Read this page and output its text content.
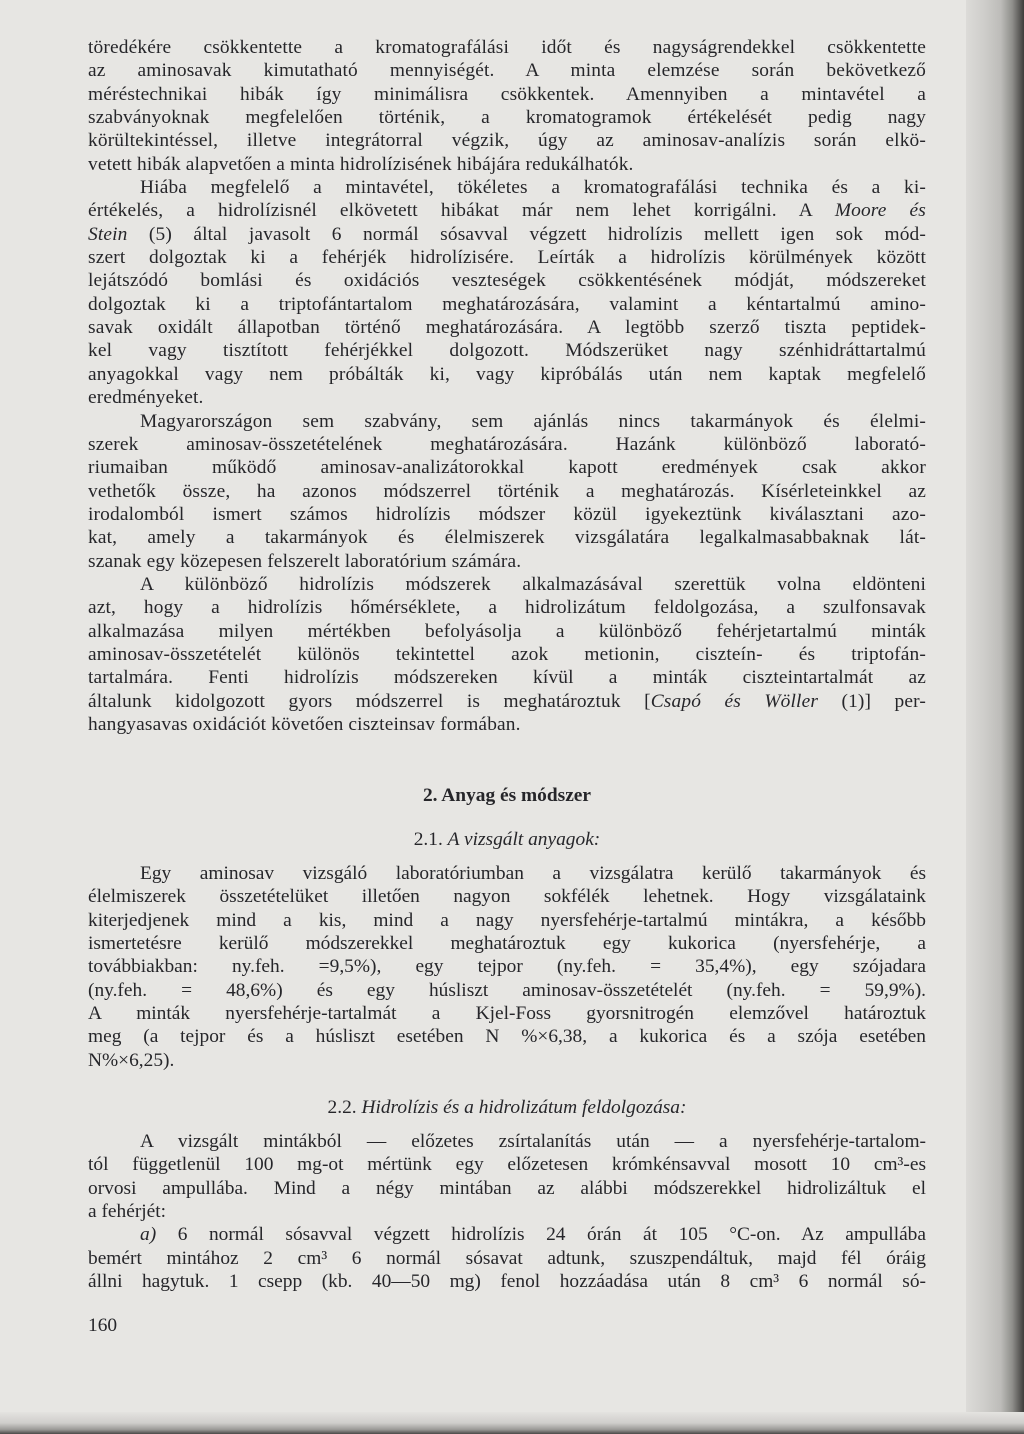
töredékére csökkentette a kromatografálási időt és nagyságrendekkel csökkentette

az aminosavak kimutatható mennyiségét. A minta elemzése során bekövetkező

méréstechnikai hibák így minimálisra csökkentek. Amennyiben a mintavétel a

szabványoknak megfelelően történik, a kromatogramok értékelését pedig nagy

körültekintéssel, illetve integrátorral végzik, úgy az aminosav-analízis során elkö-

vetett hibák alapvetően a minta hidrolízisének hibájára redukálhatók.

Hiába megfelelő a mintavétel, tökéletes a kromatografálási technika és a ki-

értékelés, a hidrolízisnél elkövetett hibákat már nem lehet korrigálni. A Moore és

Stein (5) által javasolt 6 normál sósavval végzett hidrolízis mellett igen sok mód-

szert dolgoztak ki a fehérjék hidrolízisére. Leírták a hidrolízis körülmények között

lejátszódó bomlási és oxidációs veszteségek csökkentésének módját, módszereket

dolgoztak ki a triptofántartalom meghatározására, valamint a kéntartalmú amino-

savak oxidált állapotban történő meghatározására. A legtöbb szerző tiszta peptidek-

kel vagy tisztított fehérjékkel dolgozott. Módszerüket nagy szénhidráttartalmú

anyagokkal vagy nem próbálták ki, vagy kipróbálás után nem kaptak megfelelő

eredményeket.

Magyarországon sem szabvány, sem ajánlás nincs takarmányok és élelmi-

szerek aminosav-összetételének meghatározására. Hazánk különböző laborató-

riumaiban működő aminosav-analizátorokkal kapott eredmények csak akkor

vethetők össze, ha azonos módszerrel történik a meghatározás. Kísérleteinkkel az

irodalomból ismert számos hidrolízis módszer közül igyekeztünk kiválasztani azo-

kat, amely a takarmányok és élelmiszerek vizsgálatára legalkalmasabbaknak lát-

szanak egy közepesen felszerelt laboratórium számára.

A különböző hidrolízis módszerek alkalmazásával szerettük volna eldönteni

azt, hogy a hidrolízis hőmérséklete, a hidrolizátum feldolgozása, a szulfonsavak

alkalmazása milyen mértékben befolyásolja a különböző fehérjetartalmú minták

aminosav-összetételét különös tekintettel azok metionin, ciszteín- és triptofán-

tartalmára. Fenti hidrolízis módszereken kívül a minták ciszteintartalmát az

általunk kidolgozott gyors módszerrel is meghatároztuk [Csapó és Wöller (1)] per-

hangyasavas oxidációt követően ciszteinsav formában.

2. Anyag és módszer
2.1. A vizsgált anyagok:

Egy aminosav vizsgáló laboratóriumban a vizsgálatra kerülő takarmányok és

élelmiszerek összetételüket illetően nagyon sokfélék lehetnek. Hogy vizsgálataink

kiterjedjenek mind a kis, mind a nagy nyersfehérje-tartalmú mintákra, a később

ismertetésre kerülő módszerekkel meghatároztuk egy kukorica (nyersfehérje, a

továbbiakban: ny.feh. =9,5%), egy tejpor (ny.feh. = 35,4%), egy szójadara

(ny.feh. = 48,6%) és egy húsliszt aminosav-összetételét (ny.feh. = 59,9%).

A minták nyersfehérje-tartalmát a Kjel-Foss gyorsnitrogén elemzővel határoztuk

meg (a tejpor és a húsliszt esetében N %×6,38, a kukorica és a szója esetében

N%×6,25).

2.2. Hidrolízis és a hidrolizátum feldolgozása:

A vizsgált mintákból — előzetes zsírtalanítás után — a nyersfehérje-tartalom-

tól függetlenül 100 mg-ot mértünk egy előzetesen krómkénsavval mosott 10 cm³-es

orvosi ampullába. Mind a négy mintában az alábbi módszerekkel hidrolizáltuk el

a fehérjét:

a) 6 normál sósavval végzett hidrolízis 24 órán át 105 °C-on. Az ampullába

bemért mintához 2 cm³ 6 normál sósavat adtunk, szuszpendáltuk, majd fél óráig

állni hagytuk. 1 csepp (kb. 40—50 mg) fenol hozzáadása után 8 cm³ 6 normál só-

160
